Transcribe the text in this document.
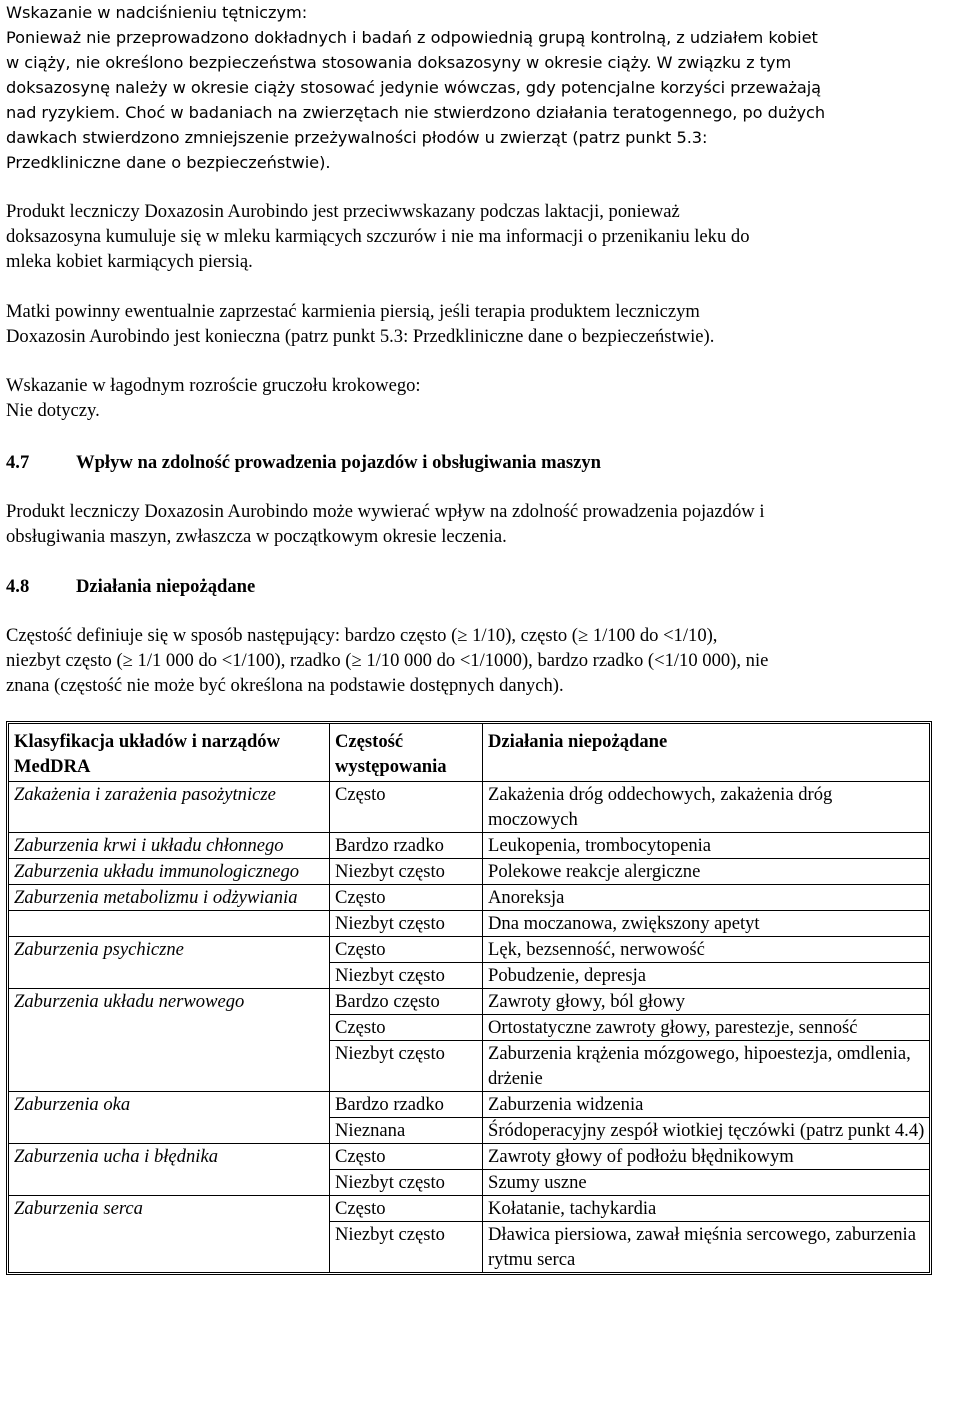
Wskazanie w nadciśnieniu tętniczym:
Ponieważ nie przeprowadzono dokładnych i badań z odpowiednią grupą kontrolną, z udziałem kobiet
w ciąży, nie określono bezpieczeństwa stosowania doksazosyny w okresie ciąży. W związku z tym
doksazosynę należy w okresie ciąży stosować jedynie wówczas, gdy potencjalne korzyści przeważają
nad ryzykiem. Choć w badaniach na zwierzętach nie stwierdzono działania teratogennego, po dużych
dawkach stwierdzono zmniejszenie przeżywalności płodów u zwierząt (patrz punkt 5.3:
Przedkliniczne dane o bezpieczeństwie).
Produkt leczniczy Doxazosin Aurobindo jest przeciwwskazany podczas laktacji, ponieważ
doksazosyna kumuluje się w mleku karmiących szczurów i nie ma informacji o przenikaniu leku do
mleka kobiet karmiących piersią.
Matki powinny ewentualnie zaprzestać karmienia piersią, jeśli terapia produktem leczniczym
Doxazosin Aurobindo jest konieczna (patrz punkt 5.3: Przedkliniczne dane o bezpieczeństwie).
Wskazanie w łagodnym rozroście gruczołu krokowego:
Nie dotyczy.
4.7	Wpływ na zdolność prowadzenia pojazdów i obsługiwania maszyn
Produkt leczniczy Doxazosin Aurobindo może wywierać wpływ na zdolność prowadzenia pojazdów i
obsługiwania maszyn, zwłaszcza w początkowym okresie leczenia.
4.8	Działania niepożądane
Częstość definiuje się w sposób następujący: bardzo często (≥ 1/10), często (≥ 1/100 do <1/10),
niezbyt często (≥ 1/1 000 do <1/100), rzadko (≥ 1/10 000 do <1/1000), bardzo rzadko (<1/10 000), nie
znana (częstość nie może być określona na podstawie dostępnych danych).
Klasyfikacja układów i narządów MedDRA	Częstość występowania	Działania niepożądane
Zakażenia i zarażenia pasożytnicze	Często	Zakażenia dróg oddechowych, zakażenia dróg moczowych
Zaburzenia krwi i układu chłonnego	Bardzo rzadko	Leukopenia, trombocytopenia
Zaburzenia układu immunologicznego	Niezbyt często	Polekowe reakcje alergiczne
Zaburzenia metabolizmu i odżywiania	Często	Anoreksja
	Niezbyt często	Dna moczanowa, zwiększony apetyt
Zaburzenia psychiczne	Często	Lęk, bezsenność, nerwowość
	Niezbyt często	Pobudzenie, depresja
Zaburzenia układu nerwowego	Bardzo często	Zawroty głowy, ból głowy
	Często	Ortostatyczne zawroty głowy, parestezje, senność
	Niezbyt często	Zaburzenia krążenia mózgowego, hipoestezja, omdlenia, drżenie
Zaburzenia oka	Bardzo rzadko	Zaburzenia widzenia
	Nieznana	Śródoperacyjny zespół wiotkiej tęczówki (patrz punkt 4.4)
Zaburzenia ucha i błędnika	Często	Zawroty głowy of podłożu błędnikowym
	Niezbyt często	Szumy uszne
Zaburzenia serca	Często	Kołatanie, tachykardia
	Niezbyt często	Dławica piersiowa, zawał mięśnia sercowego, zaburzenia rytmu serca
